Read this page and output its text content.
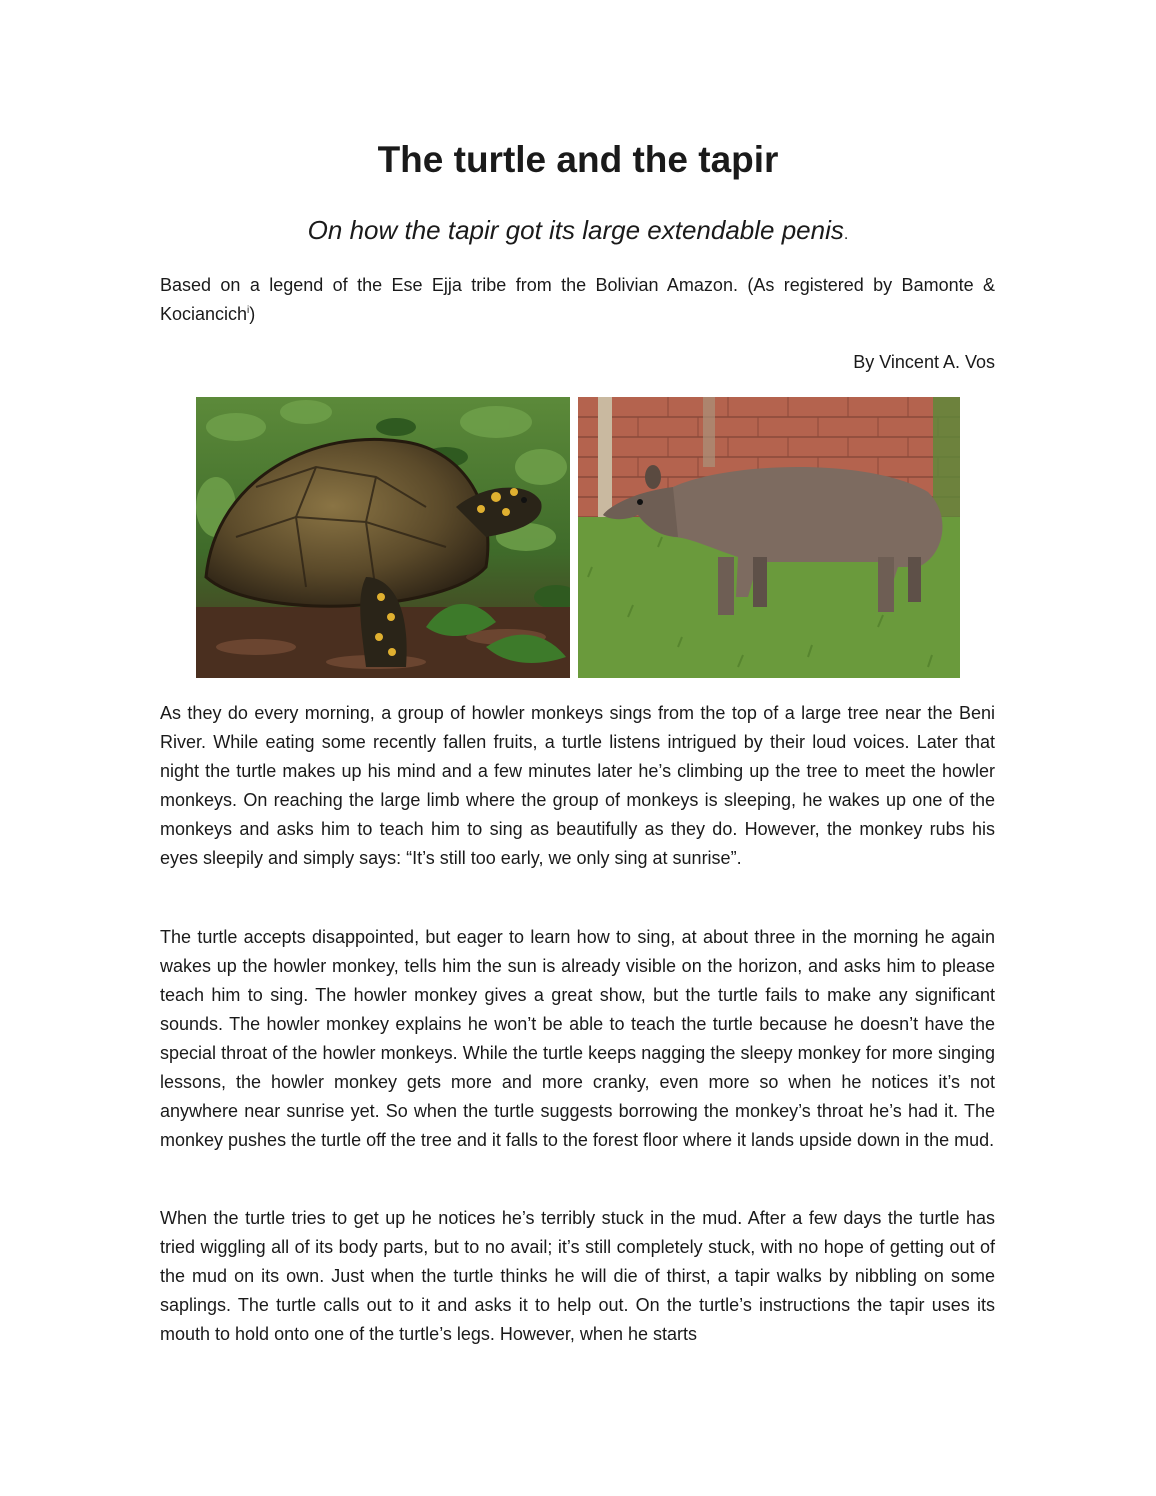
The turtle and the tapir

On how the tapir got its large extendable penis.

Based on a legend of the Ese Ejja tribe from the Bolivian Amazon. (As registered by Bamonte & Kociancich$^i$)

By Vincent A. Vos

As they do every morning, a group of howler monkeys sings from the top of a large tree near the Beni River. While eating some recently fallen fruits, a turtle listens intrigued by their loud voices. Later that night the turtle makes up his mind and a few minutes later he’s climbing up the tree to meet the howler monkeys. On reaching the large limb where the group of monkeys is sleeping, he wakes up one of the monkeys and asks him to teach him to sing as beautifully as they do. However, the monkey rubs his eyes sleepily and simply says: “It’s still too early, we only sing at sunrise”.

The turtle accepts disappointed, but eager to learn how to sing, at about three in the morning he again wakes up the howler monkey, tells him the sun is already visible on the horizon, and asks him to please teach him to sing. The howler monkey gives a great show, but the turtle fails to make any significant sounds. The howler monkey explains he won’t be able to teach the turtle because he doesn’t have the special throat of the howler monkeys. While the turtle keeps nagging the sleepy monkey for more singing lessons, the howler monkey gets more and more cranky, even more so when he notices it’s not anywhere near sunrise yet. So when the turtle suggests borrowing the monkey’s throat he’s had it. The monkey pushes the turtle off the tree and it falls to the forest floor where it lands upside down in the mud.

When the turtle tries to get up he notices he’s terribly stuck in the mud. After a few days the turtle has tried wiggling all of its body parts, but to no avail; it’s still completely stuck, with no hope of getting out of the mud on its own. Just when the turtle thinks he will die of thirst, a tapir walks by nibbling on some saplings. The turtle calls out to it and asks it to help out. On the turtle’s instructions the tapir uses its mouth to hold onto one of the turtle’s legs. However, when he starts
